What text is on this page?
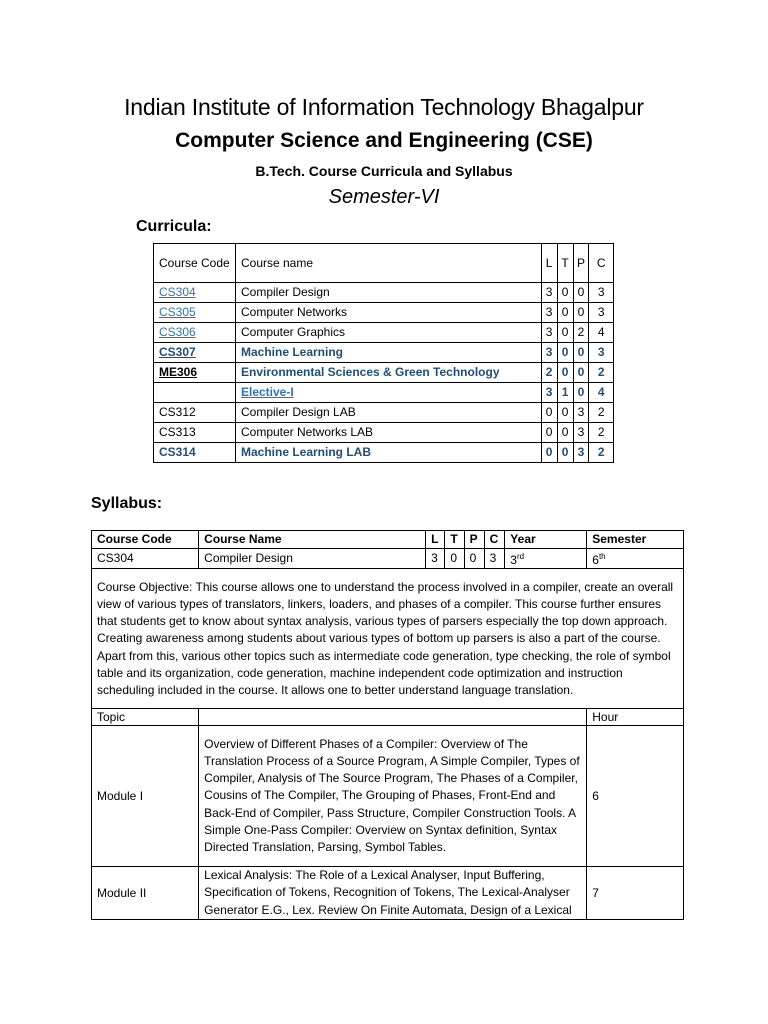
Indian Institute of Information Technology Bhagalpur
Computer Science and Engineering (CSE)
B.Tech. Course Curricula and Syllabus
Semester-VI
Curricula:
Course Code	Course name	L	T	P	C
CS304	Compiler Design	3	0	0	3
CS305	Computer Networks	3	0	0	3
CS306	Computer Graphics	3	0	2	4
CS307	Machine Learning	3	0	0	3
ME306	Environmental Sciences & Green Technology	2	0	0	2
	Elective-I	3	1	0	4
CS312	Compiler Design LAB	0	0	3	2
CS313	Computer Networks LAB	0	0	3	2
CS314	Machine Learning LAB	0	0	3	2
Syllabus:
Course Code	Course Name	L	T	P	C	Year	Semester
CS304	Compiler Design	3	0	0	3	3rd	6th
Course Objective: This course allows one to understand the process involved in a compiler, create an overall view of various types of translators, linkers, loaders, and phases of a compiler. This course further ensures that students get to know about syntax analysis, various types of parsers especially the top down approach. Creating awareness among students about various types of bottom up parsers is also a part of the course. Apart from this, various other topics such as intermediate code generation, type checking, the role of symbol table and its organization, code generation, machine independent code optimization and instruction scheduling included in the course. It allows one to better understand language translation.							
Topic							Hour
Module I	Overview of Different Phases of a Compiler: Overview of The Translation Process of a Source Program, A Simple Compiler, Types of Compiler, Analysis of The Source Program, The Phases of a Compiler, Cousins of The Compiler, The Grouping of Phases, Front-End and Back-End of Compiler, Pass Structure, Compiler Construction Tools. A Simple One-Pass Compiler: Overview on Syntax definition, Syntax Directed Translation, Parsing, Symbol Tables.						6
Module II	Lexical Analysis: The Role of a Lexical Analyser, Input Buffering, Specification of Tokens, Recognition of Tokens, The Lexical-Analyser Generator E.G., Lex. Review On Finite Automata, Design of a Lexical						7
